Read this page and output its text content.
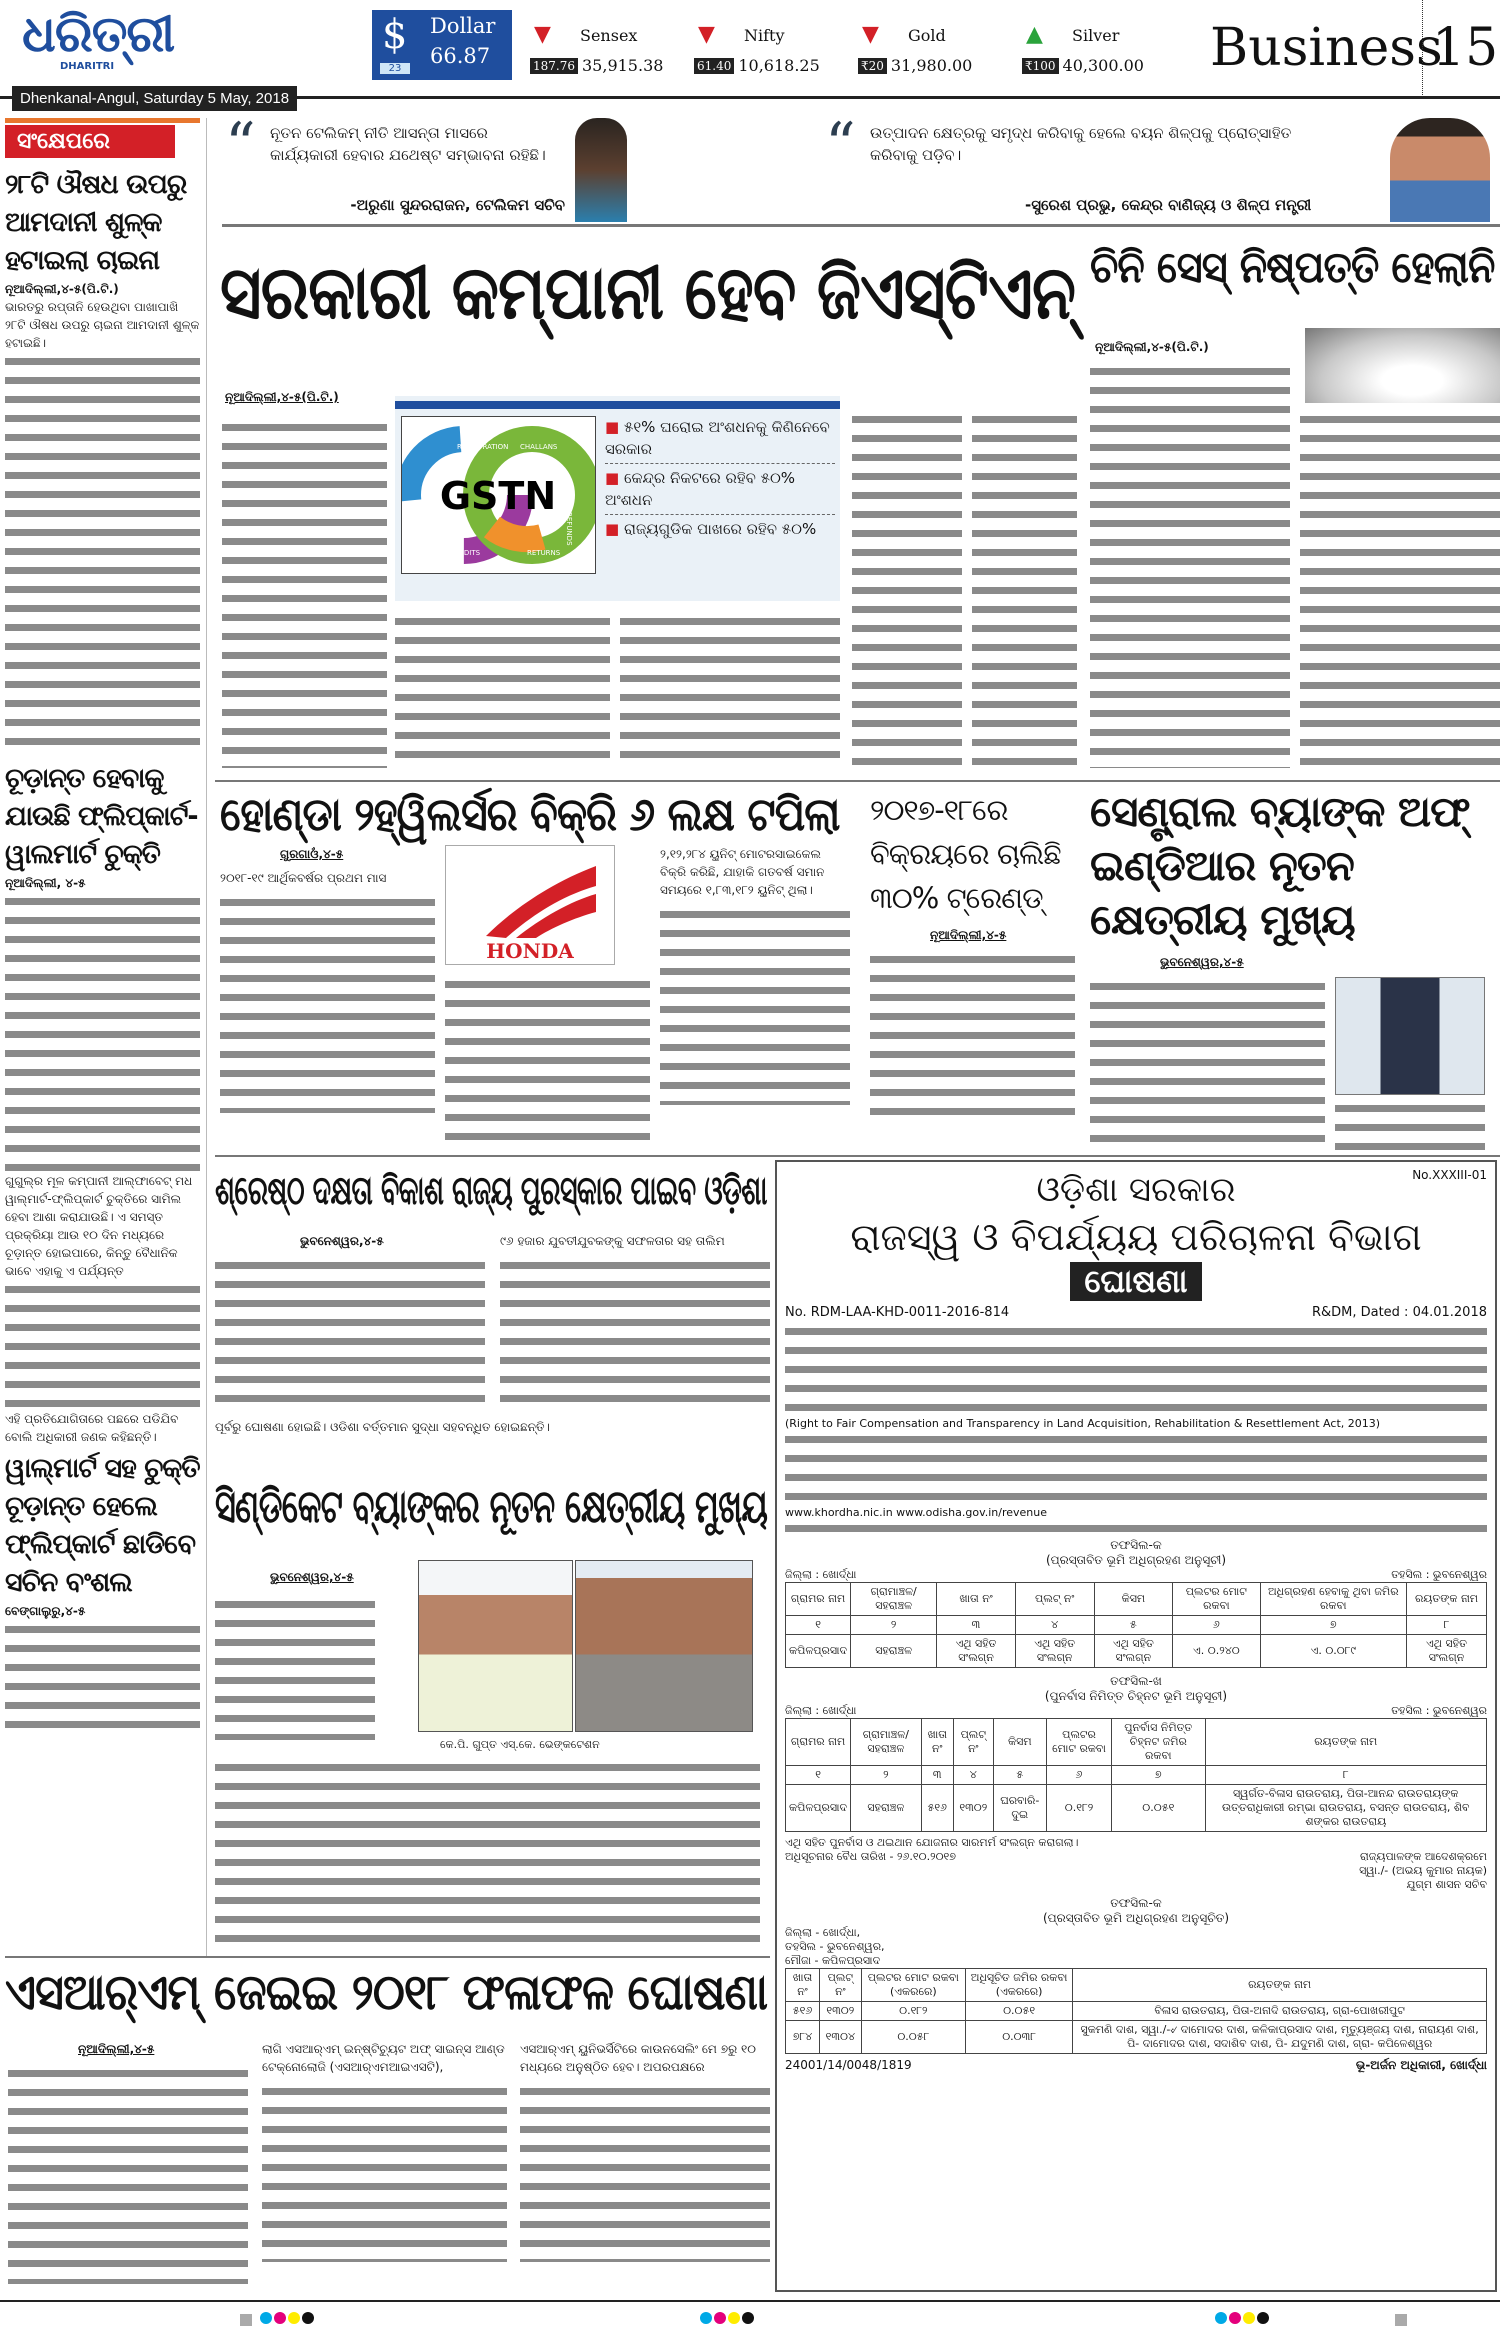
ଧରିତ୍ରୀ
DHARITRI
$
23
Dollar
66.87
▼ Sensex
187.76 35,915.38
▼ Nifty
61.40 10,618.25
▼ Gold
₹20 31,980.00
▲ Silver
₹100 40,300.00 Business
15
Dhenkanal-Angul, Saturday 5 May, 2018
ସଂକ୍ଷେପରେ
୨୮ଟି ଔଷଧ ଉପରୁ ଆମଦାନୀ ଶୁଳ୍କ ହଟାଇଲା ଚାଇନା
ନୂଆଦିଲ୍ଲୀ,୪-୫(ପି.ଟି.)
ଭାରତରୁ ରପ୍ତାନି ହେଉଥିବା ପାଖାପାଖି ୨୮ଟି ଔଷଧ ଉପରୁ ଚାଇନା ଆମଦାନୀ ଶୁଳ୍କ ହଟାଇଛି।
ଚୂଡ଼ାନ୍ତ ହେବାକୁ ଯାଉଛି ଫ୍ଲିପ୍‌କାର୍ଟ-ୱାଲମାର୍ଟ ଚୁକ୍ତି
ନୂଆଦିଲ୍ଲୀ, ୪-୫
ଗୁଗୁଲ୍‌ର ମୂଳ କମ୍ପାନୀ ଆଲ୍‌ଫାବେଟ୍ ମଧ ୱାଲ୍‌ମାର୍ଟ-ଫ୍ଲିପ୍‌କାର୍ଟ ଚୁକ୍ତିରେ ସାମିଲ ହେବା ଆଶା କରାଯାଉଛି। ଏ ସମସ୍ତ ପ୍ରକ୍ରିୟା ଆଉ ୧୦ ଦିନ ମଧ୍ୟରେ ଚୂଡ଼ାନ୍ତ ହୋଇପାରେ, କିନ୍ତୁ ବୈଧାନିକ ଭାବେ ଏହାକୁ ଏ ପର୍ଯ୍ୟନ୍ତ
ଏହି ପ୍ରତିଯୋଗିତାରେ ପଛରେ ପଡିଯିବ ବୋଲି ଅଧିକାରୀ ଜଣକ କହିଛନ୍ତି।
ୱାଲ୍‌ମାର୍ଟ ସହ ଚୁକ୍ତି ଚୂଡ଼ାନ୍ତ ହେଲେ ଫ୍ଲିପ୍‌କାର୍ଟ ଛାଡିବେ ସଚିନ ବଂଶଲ
ବେଙ୍ଗାଲୁରୁ,୪-୫
“ ନୂତନ ଟେଲିକମ୍ ନୀତି ଆସନ୍ତା ମାସରେ କାର୍ଯ୍ୟକାରୀ ହେବାର ଯଥେଷ୍ଟ ସମ୍ଭାବନା ରହିଛି।
-ଅରୁଣା ସୁନ୍ଦରରାଜନ, ଟେଲିକମ ସଚିବ
“ ଉତ୍ପାଦନ କ୍ଷେତ୍ରକୁ ସମୃଦ୍ଧ କରିବାକୁ ହେଲେ ବୟନ ଶିଳ୍ପକୁ ପ୍ରୋତ୍ସାହିତ କରିବାକୁ ପଡ଼ିବ।
-ସୁରେଶ ପ୍ରଭୁ, କେନ୍ଦ୍ର ବାଣିଜ୍ୟ ଓ ଶିଳ୍ପ ମନ୍ତ୍ରୀ
ସରକାରୀ କମ୍ପାନୀ ହେବ ଜିଏସ୍‌ଟିଏନ୍‌
ନୂଆଦିଲ୍ଲୀ,୪-୫(ପି.ଟି.)
GSTN
REGISTRATION CHALLANS
REFUNDS
RETURNS
AUDITS
APPEALS
■ ୫୧% ଘରୋଇ ଅଂଶଧନକୁ କିଣିନେବେ ସରକାର
■ କେନ୍ଦ୍ର ନିକଟରେ ରହିବ ୫୦% ଅଂଶଧନ
■ ରାଜ୍ୟଗୁଡିକ ପାଖରେ ରହିବ ୫୦%
ଚିନି ସେସ୍ ନିଷ୍ପତ୍ତି ହେଲାନି
ନୂଆଦିଲ୍ଲୀ,୪-୫(ପି.ଟି.)
ହୋଣ୍ଡା ୨ହ୍ୱିଲର୍ସର ବିକ୍ରି ୬ ଲକ୍ଷ ଟପିଲା
ଗୁରଗାଓଁ,୪-୫
୨୦୧୮-୧୯ ଆର୍ଥିକବର୍ଷର ପ୍ରଥମ ମାସ
HONDA
୨,୧୨,୨୮୪ ୟୁନିଟ୍ ମୋଟରସାଇକେଲ ବିକ୍ରି କରିଛି, ଯାହାକି ଗତବର୍ଷ ସମାନ ସମୟରେ ୧,୮୩,୧୮୨ ୟୁନିଟ୍ ଥିଲା।
୨୦୧୭-୧୮ରେ ବିକ୍ରୟରେ ଚାଲିଛି ୩୦% ଟ୍ରେଣ୍ଡ୍
ନୂଆଦିଲ୍ଲୀ,୪-୫
ସେଣ୍ଟ୍ରାଲ ବ୍ୟାଙ୍କ ଅଫ୍ ଇଣ୍ଡିଆର ନୂତନ କ୍ଷେତ୍ରୀୟ ମୁଖ୍ୟ
ଭୁବନେଶ୍ୱର,୪-୫
ଶ୍ରେଷ୍ଠ ଦକ୍ଷତା ବିକାଶ ରାଜ୍ୟ ପୁରସ୍କାର ପାଇବ ଓଡ଼ିଶା
ଭୁବନେଶ୍ୱର,୪-୫	୯୬ ହଜାର ଯୁବତୀଯୁବକଙ୍କୁ ସଫଳତାର ସହ ତାଲିମ
ପୂର୍ବରୁ ଘୋଷଣା ହୋଇଛି। ଓଡିଶା ବର୍ତ୍ତମାନ ସୁଦ୍ଧା ସହବନ୍ଧିତ ହୋଇଛନ୍ତି।
ସିଣ୍ଡିକେଟ ବ୍ୟାଙ୍କର ନୂତନ କ୍ଷେତ୍ରୀୟ ମୁଖ୍ୟ
ଭୁବନେଶ୍ୱର,୪-୫
କେ.ପି. ଗୁପ୍ତ ଏସ୍.କେ. ଭେଙ୍କଟେଶନ
ଏସଆର୍‌ଏମ୍ ଜେଇଇ ୨୦୧୮ ଫଳାଫଳ ଘୋଷଣା
ନୂଆଦିଲ୍ଲୀ,୪-୫	ଲାଗି ଏସଆର୍‌ଏମ୍ ଇନ୍‌ଷ୍ଟିଚ୍ୟୁଟ ଅଫ୍ ସାଇନ୍ସ ଆଣ୍ଡ ଟେକ୍ନୋଲୋଜି (ଏସଆର୍‌ଏମଆଇଏସଟି),
ଏସଆର୍‌ଏମ୍ ୟୁନିଭର୍ସିଟିରେ କାଉନସେଲିଂ ମେ ୭ରୁ ୧୦ ମଧ୍ୟରେ ଅନୁଷ୍ଠିତ ହେବ। ଅପରପକ୍ଷରେ
No.XXXIII-01
ଓଡ଼ିଶା ସରକାର
ରାଜସ୍ୱ ଓ ବିପର୍ଯ୍ୟୟ ପରିଚାଳନା ବିଭାଗ
ଘୋଷଣା
No. RDM-LAA-KHD-0011-2016-814	R&DM, Dated : 04.01.2018
(Right to Fair Compensation and Transparency in Land Acquisition, Rehabilitation & Resettlement Act, 2013)
www.khordha.nic.in www.odisha.gov.in/revenue
ତଫସିଲ-କ
(ପ୍ରସ୍ତାବିତ ଭୂମି ଅଧିଗ୍ରହଣ ଅନୁସୂଚୀ)
ଜିଲ୍ଲା : ଖୋର୍ଦ୍ଧା	ତହସିଲ : ଭୁବନେଶ୍ୱର
ଗ୍ରାମର ନାମ	ଗ୍ରାମାଞ୍ଚଳ/ ସହରାଞ୍ଚଳ	ଖାତା ନଂ	ପ୍ଲଟ୍ ନଂ	କିସମ	ପ୍ଲଟର ମୋଟ ରକବା	ଅଧିଗ୍ରହଣ ହେବାକୁ ଥିବା ଜମିର ରକବା	ରୟତଙ୍କ ନାମ
୧	୨	୩	୪	୫	୬	୭	୮
କପିଳପ୍ରସାଦ	ସହରାଞ୍ଚଳ	ଏଥି ସହିତ ସଂଲଗ୍ନ	ଏଥି ସହିତ ସଂଲଗ୍ନ	ଏଥି ସହିତ ସଂଲଗ୍ନ	ଏ. ୦.୨୪୦	ଏ. ୦.୦୮୯	ଏଥି ସହିତ ସଂଲଗ୍ନ
ତଫସିଲ-ଖ
(ପୁନର୍ବାସ ନିମିତ୍ତ ଚିହ୍ନଟ ଭୂମି ଅନୁସୂଚୀ)
ଜିଲ୍ଲା : ଖୋର୍ଦ୍ଧା	ତହସିଲ : ଭୁବନେଶ୍ୱର
ଗ୍ରାମର ନାମ	ଗ୍ରାମାଞ୍ଚଳ/ ସହରାଞ୍ଚଳ	ଖାତା ନଂ	ପ୍ଲଟ୍ ନଂ	କିସମ	ପ୍ଲଟର ମୋଟ ରକବା	ପୁନର୍ବାସ ନିମିତ୍ତ ଚିହ୍ନଟ ଜମିର ରକବା	ରୟତଙ୍କ ନାମ
୧	୨	୩	୪	୫	୬	୭	୮
କପିଳପ୍ରସାଦ	ସହରାଞ୍ଚଳ	୫୧୬	୧୩୦୨	ଘରବାରି-ଦୁଇ	୦.୧୮୨	୦.୦୫୧	ସ୍ୱର୍ଗତ-ବିଳାସ ରାଉତରାୟ, ପିତା-ଆନନ୍ଦ ରାଉତରାୟଙ୍କ ଉତ୍ତରାଧିକାରୀ ରମ୍ଭା ରାଉତରାୟ, ବସନ୍ତ ରାଉତରାୟ, ଶିବ ଶଙ୍କର ରାଉତରାୟ
ଏଥି ସହିତ ପୁନର୍ବାସ ଓ ଥଇଥାନ ଯୋଜନାର ସାରମର୍ମ ସଂଲଗ୍ନ କରାଗଲା।
ଅଧିସୂଚନାର ବୈଧ ତାରିଖ - ୨୬.୧୦.୨୦୧୭	ରାଜ୍ୟପାଳଙ୍କ ଆଦେଶକ୍ରମେ
ସ୍ୱା./- (ଅଭୟ କୁମାର ନାୟକ)
ଯୁଗ୍ମ ଶାସନ ସଚିବ
ତଫସିଲ-କ
(ପ୍ରସ୍ତାବିତ ଭୂମି ଅଧିଗ୍ରହଣ ଅନୁସୂଚିତ)
ଜିଲ୍ଲା - ଖୋର୍ଦ୍ଧା,
ତହସିଲ - ଭୁବନେଶ୍ୱର,
ମୌଜା - କପିଳପ୍ରସାଦ
ଖାତା ନଂ	ପ୍ଲଟ୍ ନଂ	ପ୍ଲଟର ମୋଟ ରକବା (ଏକରରେ)	ଅଧିସୂଚିତ ଜମିର ରକବା (ଏକରରେ)	ରୟତଙ୍କ ନାମ
୫୧୬	୧୩୦୨	୦.୧୮୨	୦.୦୫୧	ବିଳାସ ରାଉତରାୟ, ପିତା-ଅନାଦି ରାଉତରାୟ, ଗ୍ରା-ପୋଖରୀପୁଟ
୭୮୪	୧୩୦୪	୦.୦୫୮	୦.୦୩୮	ସୁକମଣି ଦାଶ, ସ୍ୱା./-୰ ଦାମୋଦର ଦାଶ, କଳିକାପ୍ରସାଦ ଦାଶ, ମୃତ୍ୟୁଞ୍ଜୟ ଦାଶ, ନାରାୟଣ ଦାଶ, ପି- ଦାମୋଦର ଦାଶ, ସଦାଶିବ ଦାଶ, ପି- ଯଦୁମଣି ଦାଶ, ଗ୍ରା- କପିଳେଶ୍ୱର
24001/14/0048/1819	ଭୂ-ଅର୍ଜନ ଅଧିକାରୀ, ଖୋର୍ଦ୍ଧା
